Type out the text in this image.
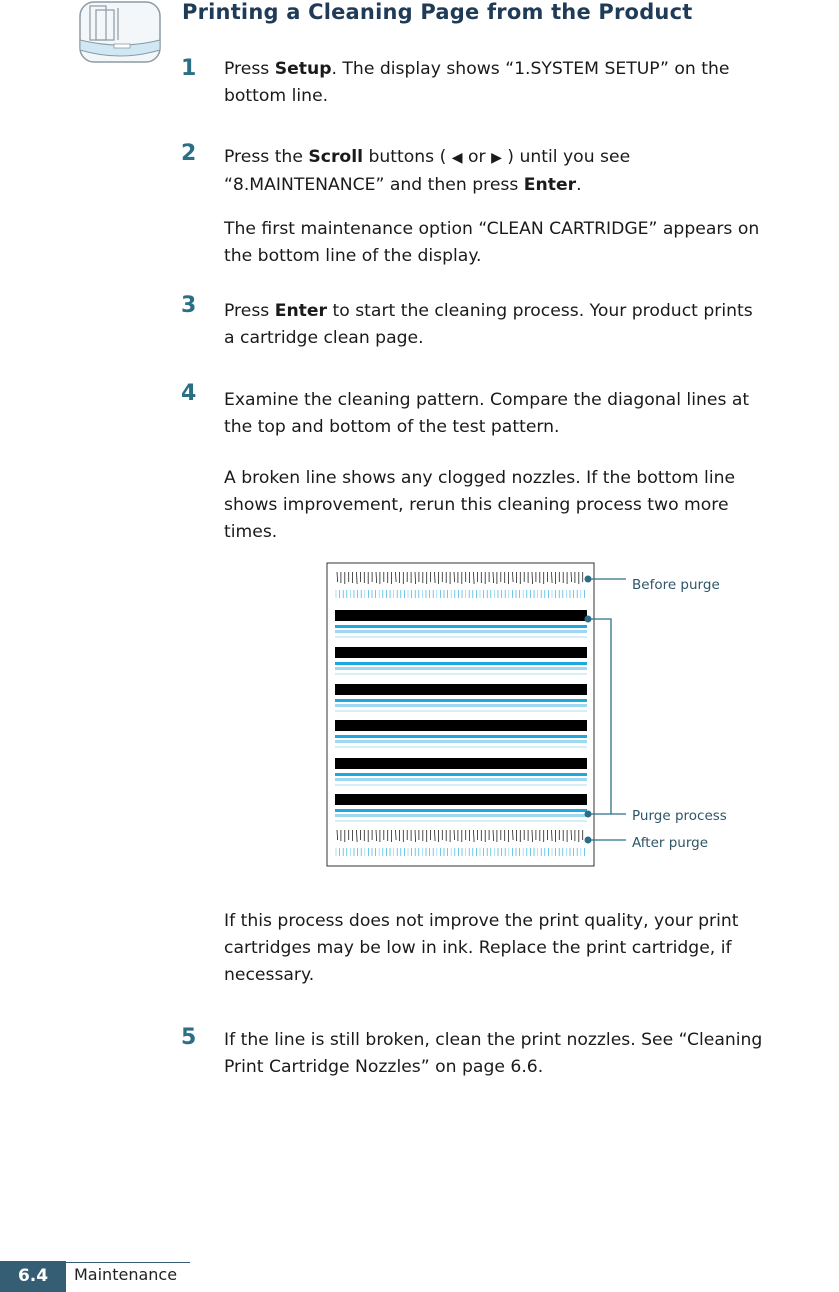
Printing a Cleaning Page from the Product
1 Press Setup. The display shows “1.SYSTEM SETUP” on the
bottom line.
2 Press the Scroll buttons ( ◀ or ▶ ) until you see
“8.MAINTENANCE” and then press Enter.
The first maintenance option “CLEAN CARTRIDGE” appears on
the bottom line of the display.
3 Press Enter to start the cleaning process. Your product prints
a cartridge clean page.
4 Examine the cleaning pattern. Compare the diagonal lines at
the top and bottom of the test pattern.
A broken line shows any clogged nozzles. If the bottom line
shows improvement, rerun this cleaning process two more
times.
Before purge
Purge process
After purge
If this process does not improve the print quality, your print
cartridges may be low in ink. Replace the print cartridge, if
necessary.
5 If the line is still broken, clean the print nozzles. See “Cleaning
Print Cartridge Nozzles” on page 6.6.
6.4	Maintenance
